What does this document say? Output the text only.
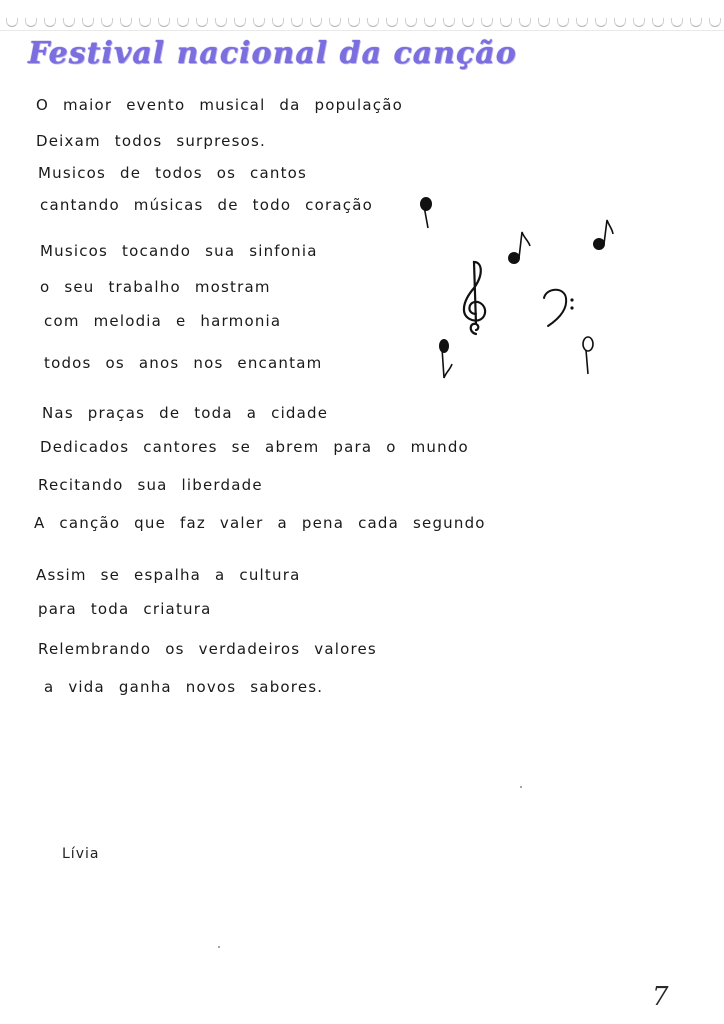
Festival nacional da canção
O maior evento musical da população
Deixam todos surpresos.
Musicos de todos os cantos
cantando músicas de todo coração
Musicos tocando sua sinfonia
o seu trabalho mostram
com melodia e harmonia
todos os anos nos encantam
Nas praças de toda a cidade
Dedicados cantores se abrem para o mundo
Recitando sua liberdade
A canção que faz valer a pena cada segundo
Assim se espalha a cultura
para toda criatura
Relembrando os verdadeiros valores
a vida ganha novos sabores.
Lívia
7
